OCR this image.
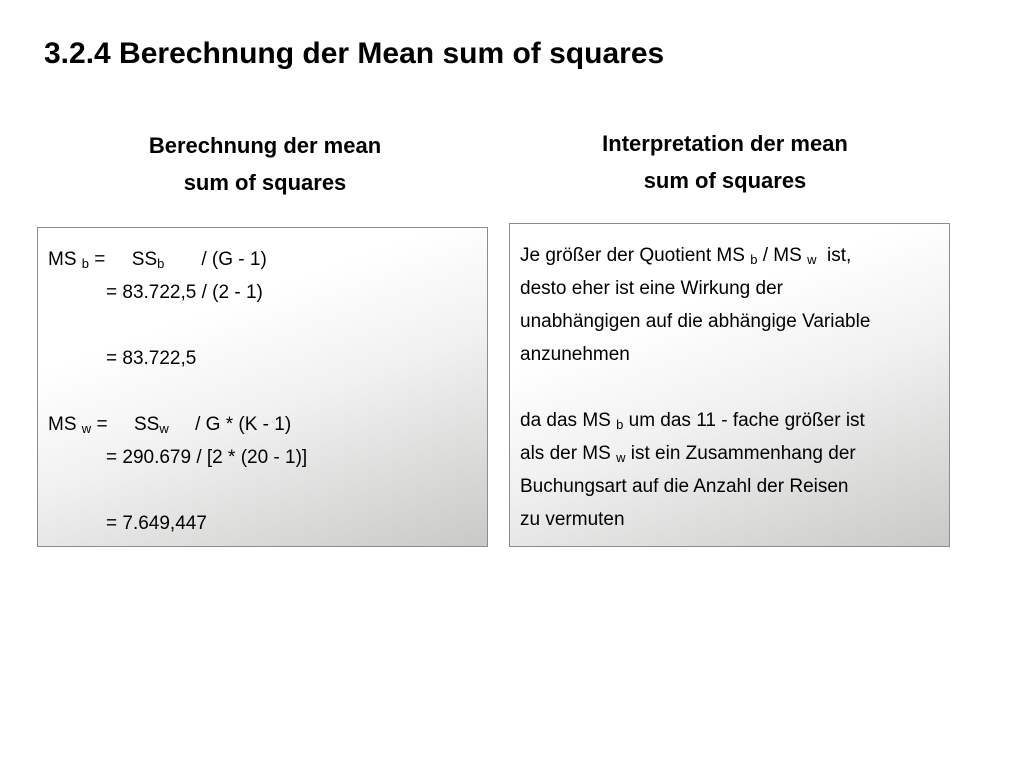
3.2.4 Berechnung der Mean sum of squares
Berechnung der mean
sum of squares
Interpretation der mean
sum of squares
MS $_b$ =     $SS_b$       / (G - 1)
= 83.722,5 / (2 - 1)
= 83.722,5
MS $_w$ =     $SS_w$     / G * (K - 1)
= 290.679 / [2 * (20 - 1)]
= 7.649,447
Je größer der Quotient MS $_b$ / MS $_w$  ist,
desto eher ist eine Wirkung der
unabhängigen auf die abhängige Variable
anzunehmen
da das MS $_b$ um das 11 - fache größer ist
als der MS $_w$ ist ein Zusammenhang der
Buchungsart auf die Anzahl der Reisen
zu vermuten
